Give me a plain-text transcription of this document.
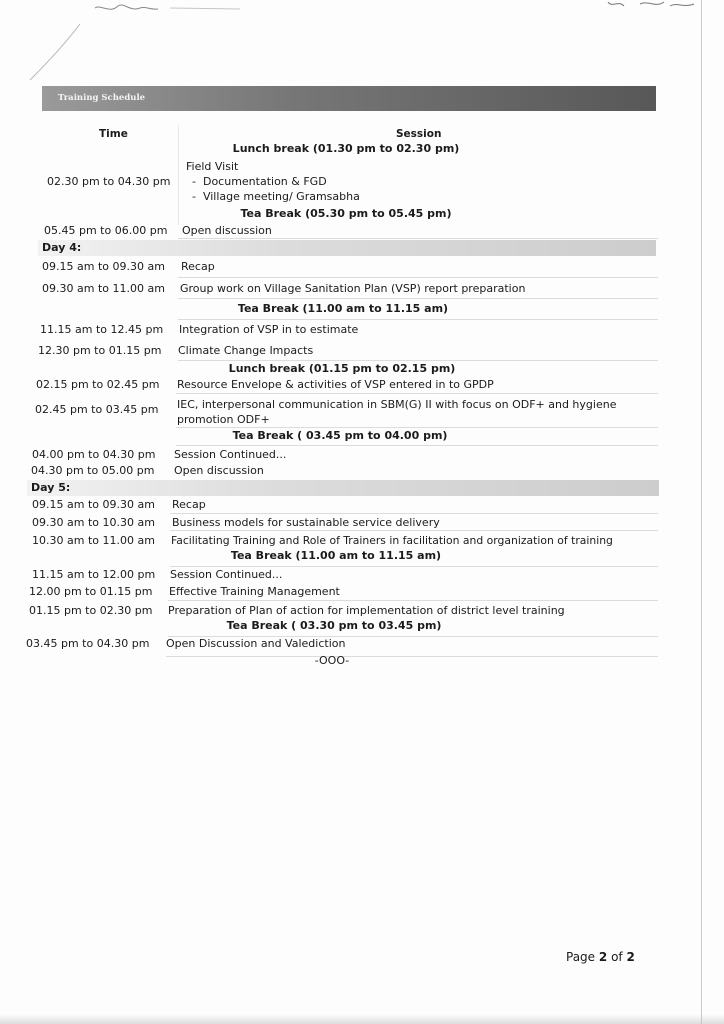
Training Schedule
Time	Session
Lunch break (01.30 pm to 02.30 pm)
Field Visit
02.30 pm to 04.30 pm -  Documentation & FGD
-  Village meeting/ Gramsabha
Tea Break (05.30 pm to 05.45 pm)
05.45 pm to 06.00 pm Open discussion
Day 4:
09.15 am to 09.30 am Recap
09.30 am to 11.00 am Group work on Village Sanitation Plan (VSP) report preparation
Tea Break (11.00 am to 11.15 am)
11.15 am to 12.45 pm Integration of VSP in to estimate
12.30 pm to 01.15 pm Climate Change Impacts
Lunch break (01.15 pm to 02.15 pm)
02.15 pm to 02.45 pm Resource Envelope & activities of VSP entered in to GPDP
IEC, interpersonal communication in SBM(G) II with focus on ODF+ and hygiene
02.45 pm to 03.45 pm
promotion ODF+
Tea Break ( 03.45 pm to 04.00 pm)
04.00 pm to 04.30 pm Session Continued...
04.30 pm to 05.00 pm Open discussion
Day 5:
09.15 am to 09.30 am Recap
09.30 am to 10.30 am Business models for sustainable service delivery
10.30 am to 11.00 am Facilitating Training and Role of Trainers in facilitation and organization of training
Tea Break (11.00 am to 11.15 am)
11.15 am to 12.00 pm Session Continued...
12.00 pm to 01.15 pm Effective Training Management
01.15 pm to 02.30 pm Preparation of Plan of action for implementation of district level training
Tea Break ( 03.30 pm to 03.45 pm)
03.45 pm to 04.30 pm Open Discussion and Valediction
-OOO-
Page 2 of 2
